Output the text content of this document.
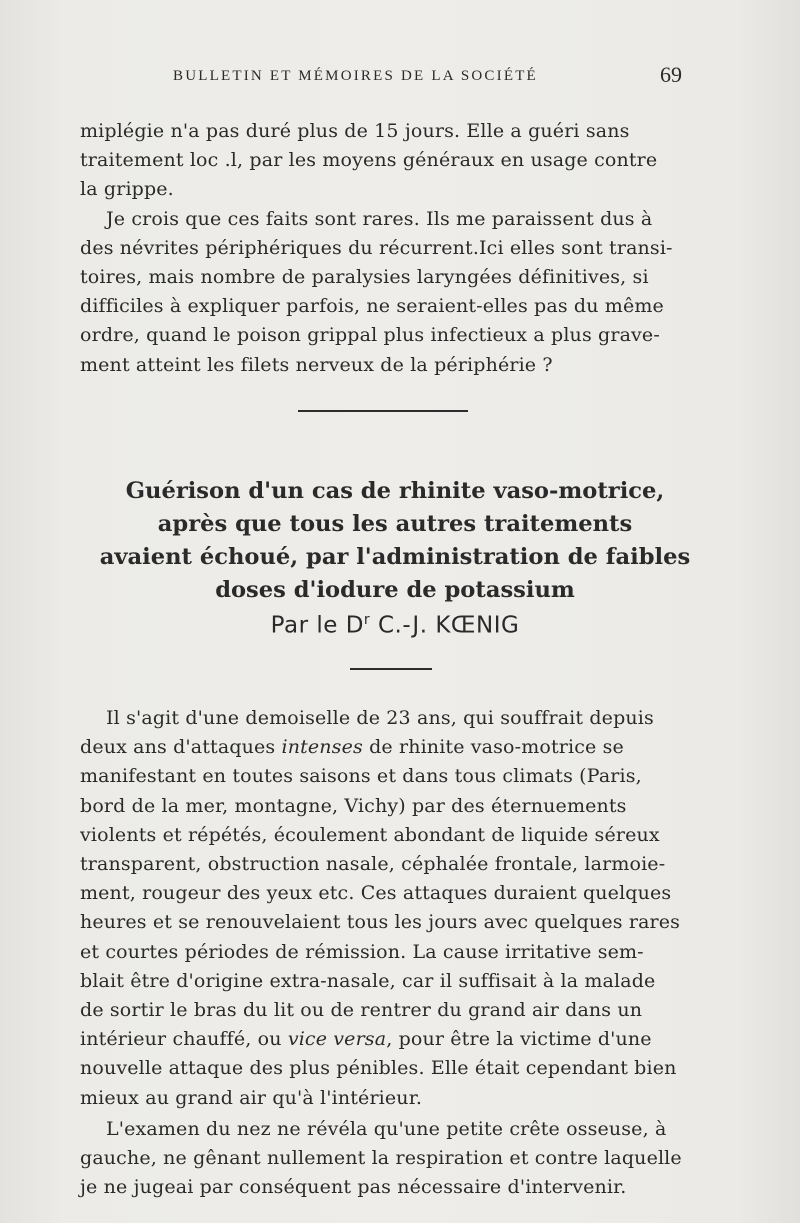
BULLETIN ET MÉMOIRES DE LA SOCIÉTÉ	69

miplégie n'a pas duré plus de 15 jours. Elle a guéri sans
traitement loc .l, par les moyens généraux en usage contre
la grippe.

Je crois que ces faits sont rares. Ils me paraissent dus à
des névrites périphériques du récurrent.Ici elles sont transi-
toires, mais nombre de paralysies laryngées définitives, si
difficiles à expliquer parfois, ne seraient-elles pas du même
ordre, quand le poison grippal plus infectieux a plus grave-
ment atteint les filets nerveux de la périphérie ?

Guérison d'un cas de rhinite vaso-motrice,

après que tous les autres traitements

avaient échoué, par l'administration de faibles

doses d'iodure de potassium

Par le $D^r$ C.-J. KŒNIG

Il s'agit d'une demoiselle de 23 ans, qui souffrait depuis
deux ans d'attaques intenses de rhinite vaso-motrice se
manifestant en toutes saisons et dans tous climats (Paris,
bord de la mer, montagne, Vichy) par des éternuements
violents et répétés, écoulement abondant de liquide séreux
transparent, obstruction nasale, céphalée frontale, larmoie-
ment, rougeur des yeux etc. Ces attaques duraient quelques
heures et se renouvelaient tous les jours avec quelques rares
et courtes périodes de rémission. La cause irritative sem-
blait être d'origine extra-nasale, car il suffisait à la malade
de sortir le bras du lit ou de rentrer du grand air dans un
intérieur chauffé, ou vice versa, pour être la victime d'une
nouvelle attaque des plus pénibles. Elle était cependant bien
mieux au grand air qu'à l'intérieur.

L'examen du nez ne révéla qu'une petite crête osseuse, à
gauche, ne gênant nullement la respiration et contre laquelle
je ne jugeai par conséquent pas nécessaire d'intervenir.
